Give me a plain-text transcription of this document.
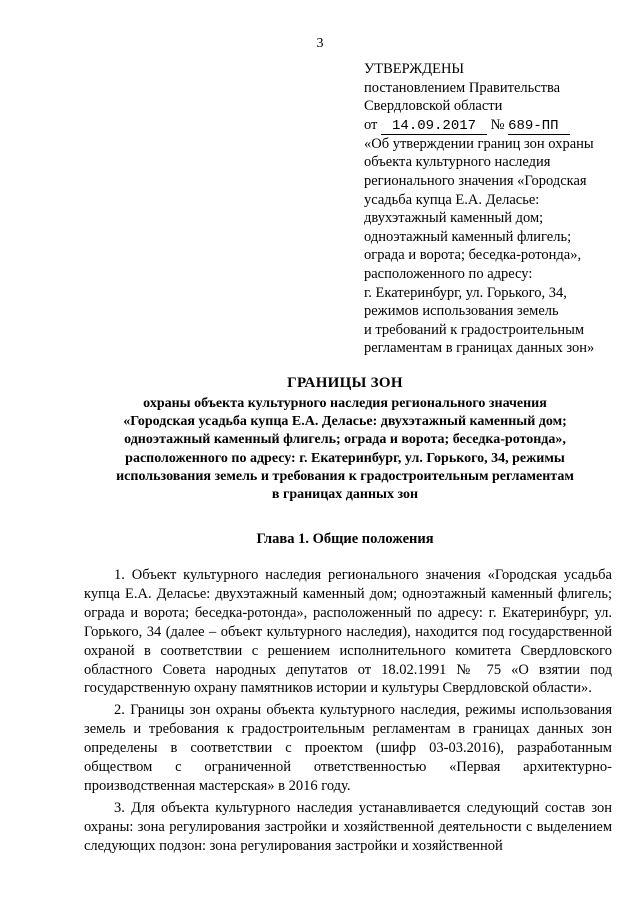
3
УТВЕРЖДЕНЫ
постановлением Правительства
Свердловской области
от 14.09.2017 № 689-ПП
«Об утверждении границ зон охраны
объекта культурного наследия
регионального значения «Городская
усадьба купца Е.А. Деласье:
двухэтажный каменный дом;
одноэтажный каменный флигель;
ограда и ворота; беседка-ротонда»,
расположенного по адресу:
г. Екатеринбург, ул. Горького, 34,
режимов использования земель
и требований к градостроительным
регламентам в границах данных зон»
ГРАНИЦЫ ЗОН
охраны объекта культурного наследия регионального значения
«Городская усадьба купца Е.А. Деласье: двухэтажный каменный дом;
одноэтажный каменный флигель; ограда и ворота; беседка-ротонда»,
расположенного по адресу: г. Екатеринбург, ул. Горького, 34, режимы
использования земель и требования к градостроительным регламентам
в границах данных зон
Глава 1. Общие положения

1. Объект культурного наследия регионального значения «Городская усадьба купца Е.А. Деласье: двухэтажный каменный дом; одноэтажный каменный флигель; ограда и ворота; беседка-ротонда», расположенный по адресу: г. Екатеринбург, ул. Горького, 34 (далее – объект культурного наследия), находится под государственной охраной в соответствии с решением исполнительного комитета Свердловского областного Совета народных депутатов от 18.02.1991 № 75 «О взятии под государственную охрану памятников истории и культуры Свердловской области».

2. Границы зон охраны объекта культурного наследия, режимы использования земель и требования к градостроительным регламентам в границах данных зон определены в соответствии с проектом (шифр 03-03.2016), разработанным обществом с ограниченной ответственностью «Первая архитектурно-производственная мастерская» в 2016 году.

3. Для объекта культурного наследия устанавливается следующий состав зон охраны: зона регулирования застройки и хозяйственной деятельности с выделением следующих подзон: зона регулирования застройки и хозяйственной
